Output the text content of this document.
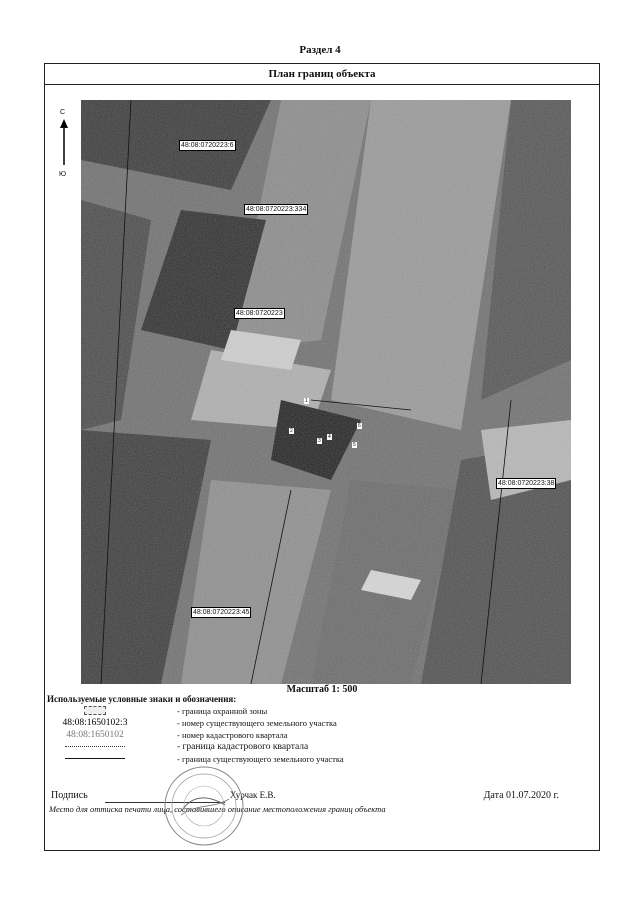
Раздел 4
План границ объекта
С
Ю
48:08:0720223:6
48:08:0720223:334
48:08:0720223
48:08:0720223:38
48:08:0720223:45
1
2
3
4
5
6
Масштаб 1: 500
Используемые условные знаки и обозначения:
- граница охранной зоны
48:08:1650102:3	- номер существующего земельного участка
48:08:1650102	- номер кадастрового квартала
- граница кадастрового квартала
- граница существующего земельного участка
Подпись	Хурчак Е.В.	Дата 01.07.2020 г.
Место для оттиска печати лица, составившего описание местоположения границ объекта
